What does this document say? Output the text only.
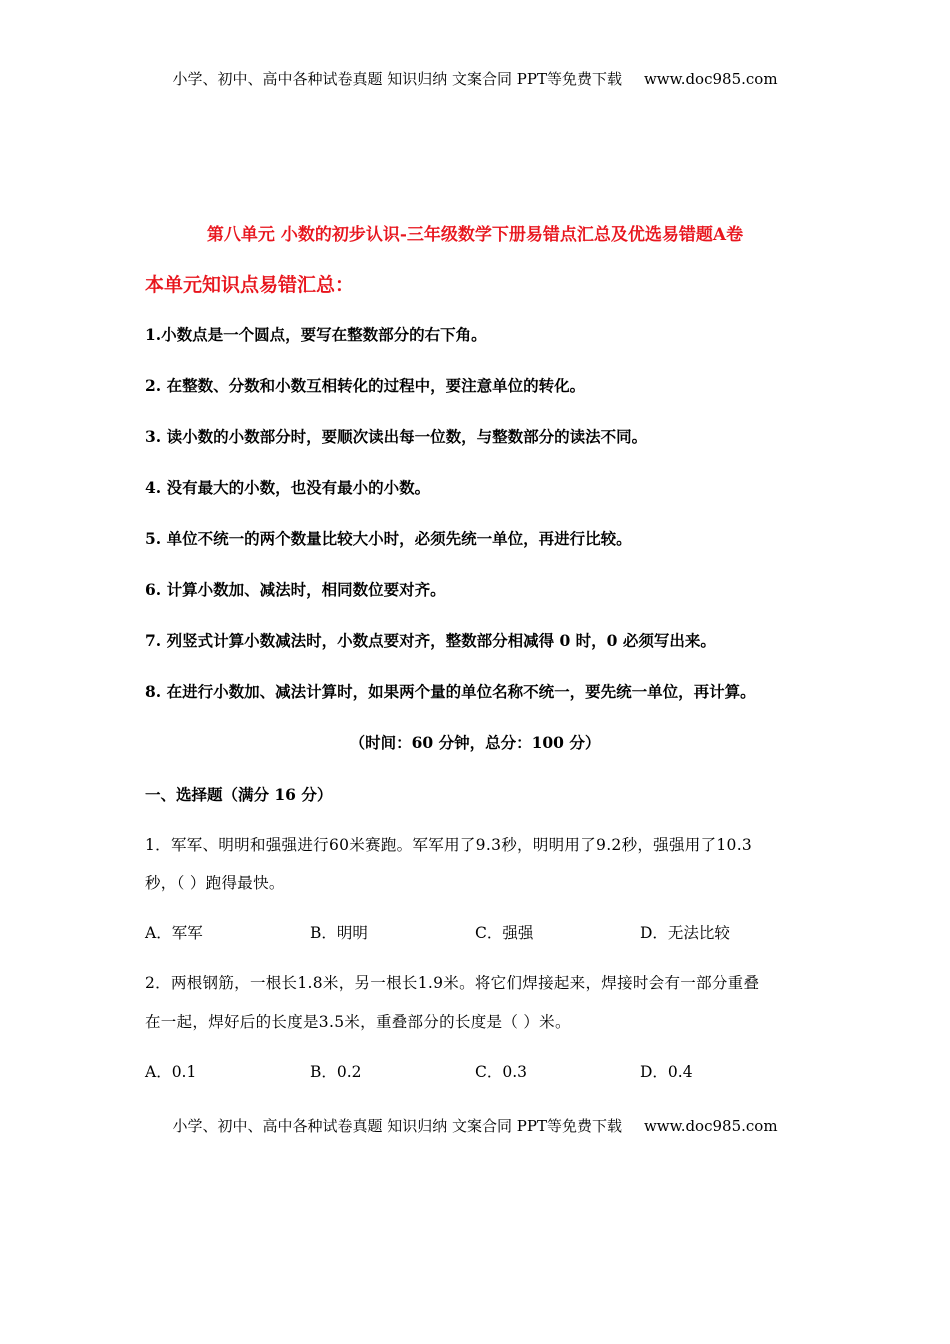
小学、初中、高中各种试卷真题 知识归纳 文案合同 PPT等免费下载 www.doc985.com
第八单元 小数的初步认识-三年级数学下册易错点汇总及优选易错题A卷
本单元知识点易错汇总：
1.小数点是一个圆点，要写在整数部分的右下角。
2. 在整数、分数和小数互相转化的过程中，要注意单位的转化。
3. 读小数的小数部分时，要顺次读出每一位数，与整数部分的读法不同。
4. 没有最大的小数，也没有最小的小数。
5. 单位不统一的两个数量比较大小时，必须先统一单位，再进行比较。
6. 计算小数加、减法时，相同数位要对齐。
7. 列竖式计算小数减法时，小数点要对齐，整数部分相减得 0 时，0 必须写出来。
8. 在进行小数加、减法计算时，如果两个量的单位名称不统一，要先统一单位，再计算。
（时间：60 分钟，总分：100 分）
一、选择题（满分 16 分）
1．军军、明明和强强进行60米赛跑。军军用了9.3秒，明明用了9.2秒，强强用了10.3
秒，（ ）跑得最快。
A．军军	B．明明	C．强强	D．无法比较
2．两根钢筋，一根长1.8米，另一根长1.9米。将它们焊接起来，焊接时会有一部分重叠
在一起，焊好后的长度是3.5米，重叠部分的长度是（ ）米。
A．0.1	B．0.2	C．0.3	D．0.4
小学、初中、高中各种试卷真题 知识归纳 文案合同 PPT等免费下载 www.doc985.com
